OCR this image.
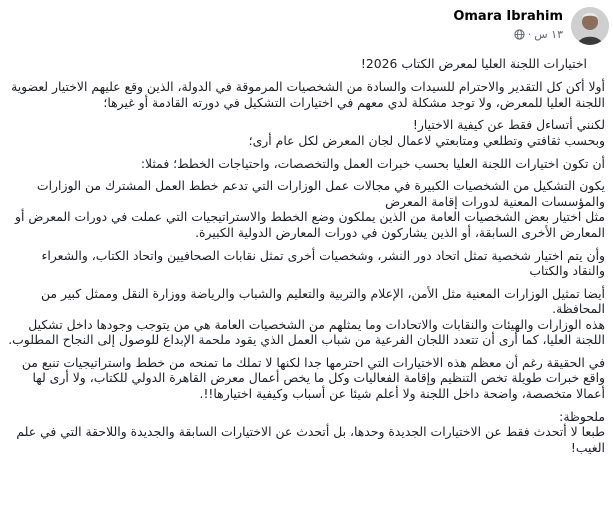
Omara Ibrahim
١٣ س
·

اختيارات اللجنة العليا لمعرض الكتاب 2026!

أولا أكن كل التقدير والاحترام للسيدات والسادة من الشخصيات المرموقة في الدولة، الذين وقع عليهم الاختيار لعضوية اللجنة العليا للمعرض، ولا توجد مشكلة لدي معهم في اختيارات التشكيل في دورته القادمة أو غيرها؛

لكنني أتساءل فقط عن كيفية الاختيار!
وبحسب ثقافتي وتطلعي ومتابعتي لاعمال لجان المعرض لكل عام أرى؛

أن تكون اختيارات اللجنة العليا بحسب خبرات العمل والتخصصات، واحتياجات الخطط؛ فمثلا:

يكون التشكيل من الشخصيات الكبيرة في مجالات عمل الوزارات التي تدعم خطط العمل المشترك من الوزارات والمؤسسات المعنية لدورات إقامة المعرض
مثل اختيار بعض الشخصيات العامة من الذين يملكون وضع الخطط والاستراتيجيات التي عملت في دورات المعرض أو المعارض الأخرى السابقة، أو الذين يشاركون في دورات المعارض الدولية الكبيرة.

وأن يتم اختيار شخصية تمثل اتحاد دور النشر، وشخصيات أخرى تمثل نقابات الصحافيين واتحاد الكتاب، والشعراء والنقاد والكتاب

أيضا تمثيل الوزارات المعنية مثل الأمن، الإعلام والتربية والتعليم والشباب والرياضة ووزارة النقل وممثل كبير من المحافظة.
هذه الوزارات والهيئات والنقابات والاتحادات وما يمثلهم من الشخصيات العامة هي من يتوجب وجودها داخل تشكيل اللجنة العليا، كما أرى أن تتعدد اللجان الفرعية من شباب العمل الذي يقود ملحمة الإبداع للوصول إلى النجاح المطلوب.

في الحقيقة رغم أن معظم هذه الاختيارات التي احترمها جدا لكنها لا تملك ما تمنحه من خطط واستراتيجيات تنبع من واقع خبرات طويلة تخص التنظيم وإقامة الفعاليات وكل ما يخص أعمال معرض القاهرة الدولي للكتاب، ولا أرى لها أعمالا متخصصة، واضحة داخل اللجنة ولا أعلم شيئا عن أسباب وكيفية اختيارها!!.

ملحوظة:
طبعا لا أتحدث فقط عن الاختيارات الجديدة وحدها، بل أتحدث عن الاختيارات السابقة والجديدة واللاحقة التي في علم الغيب!
